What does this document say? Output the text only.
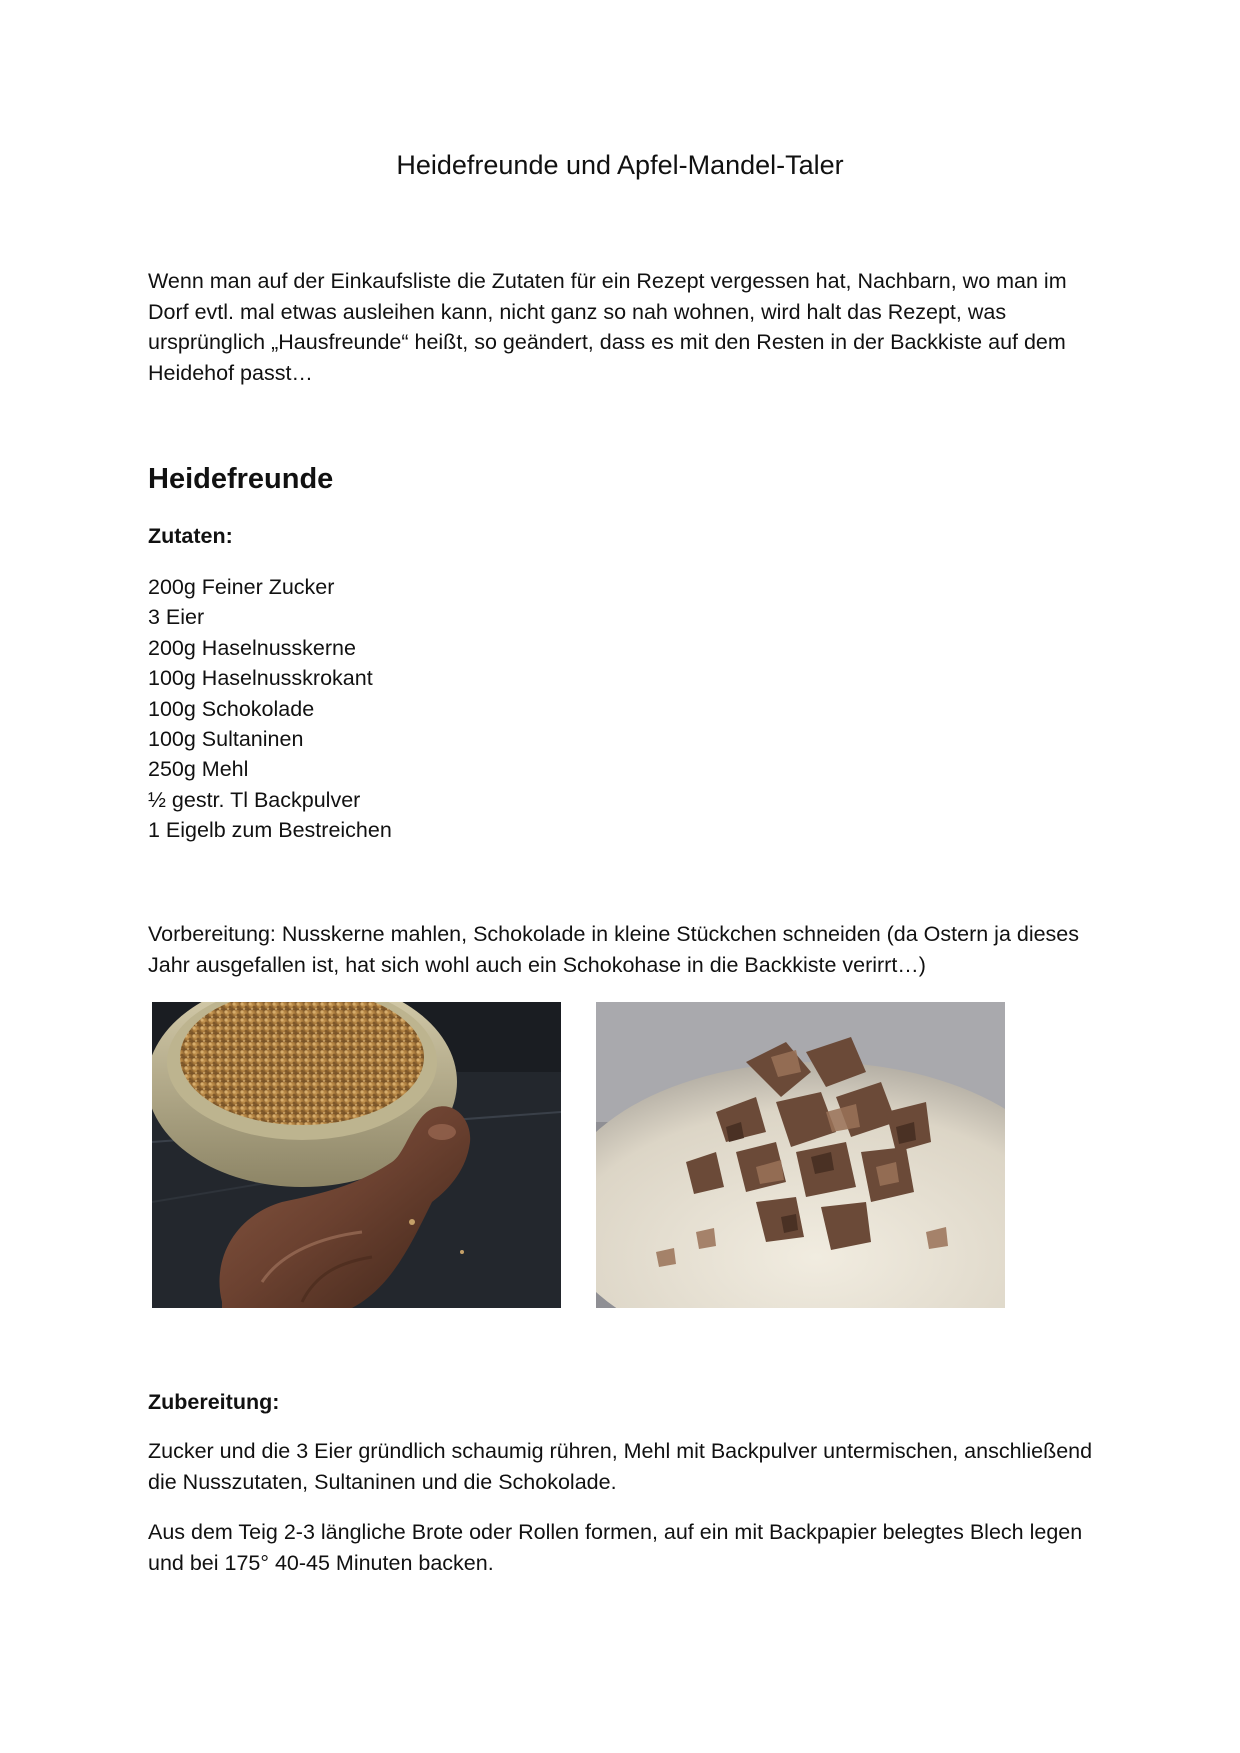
Heidefreunde und Apfel-Mandel-Taler

Wenn man auf der Einkaufsliste die Zutaten für ein Rezept vergessen hat, Nachbarn, wo man im Dorf evtl. mal etwas ausleihen kann, nicht ganz so nah wohnen, wird halt das Rezept, was ursprünglich „Hausfreunde“ heißt, so geändert, dass es mit den Resten in der Backkiste auf dem Heidehof passt…

Heidefreunde
Zutaten:
200g Feiner Zucker
3 Eier
200g Haselnusskerne
100g Haselnusskrokant
100g Schokolade
100g Sultaninen
250g Mehl
½ gestr. Tl Backpulver
1 Eigelb zum Bestreichen

Vorbereitung: Nusskerne mahlen, Schokolade in kleine Stückchen schneiden (da Ostern ja dieses Jahr ausgefallen ist, hat sich wohl auch ein Schokohase in die Backkiste verirrt…)

Zubereitung:

Zucker und die 3 Eier gründlich schaumig rühren, Mehl mit Backpulver untermischen, anschließend die Nusszutaten, Sultaninen und die Schokolade.

Aus dem Teig 2-3 längliche Brote oder Rollen formen, auf ein mit Backpapier belegtes Blech legen und bei 175° 40-45 Minuten backen.
